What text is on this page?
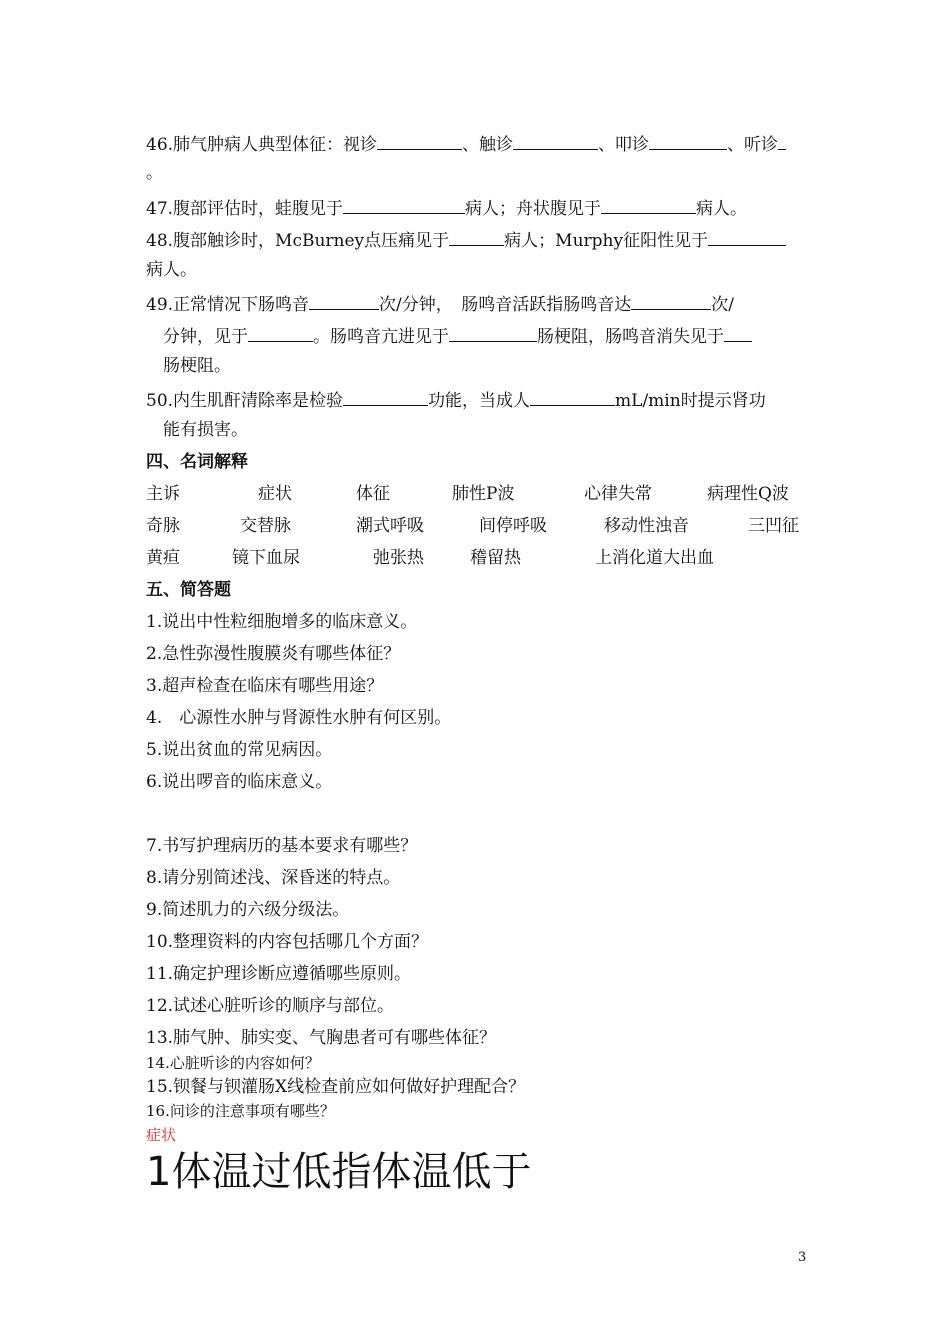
46.肺气肿病人典型体征：视诊	、触诊	、叩诊	、听诊
。
47.腹部评估时，蛙腹见于	病人；舟状腹见于	病人。
48.腹部触诊时，McBurney点压痛见于	病人；Murphy征阳性见于
病人。
49.正常情况下肠鸣音	次/分钟，　肠鸣音活跃指肠鸣音达	次/
分钟，见于	。肠鸣音亢进见于	肠梗阻，肠鸣音消失见于
肠梗阻。
50.内生肌酐清除率是检验	功能，当成人	mL/min时提示肾功
能有损害。
四、名词解释
主诉	症状	体征	肺性P波	心律失常	病理性Q波
奇脉	交替脉	潮式呼吸	间停呼吸	移动性浊音	三凹征
黄疸	镜下血尿	弛张热	稽留热	上消化道大出血
五、简答题
1.说出中性粒细胞增多的临床意义。
2.急性弥漫性腹膜炎有哪些体征？
3.超声检查在临床有哪些用途？
4.　心源性水肿与肾源性水肿有何区别。
5.说出贫血的常见病因。
6.说出啰音的临床意义。
7.书写护理病历的基本要求有哪些？
8.请分别简述浅、深昏迷的特点。
9.简述肌力的六级分级法。
10.整理资料的内容包括哪几个方面？
11.确定护理诊断应遵循哪些原则。
12.试述心脏听诊的顺序与部位。
13.肺气肿、肺实变、气胸患者可有哪些体征？
14.心脏听诊的内容如何？
15.钡餐与钡灌肠X线检查前应如何做好护理配合？
16.问诊的注意事项有哪些？
症状
1体温过低指体温低于
3
